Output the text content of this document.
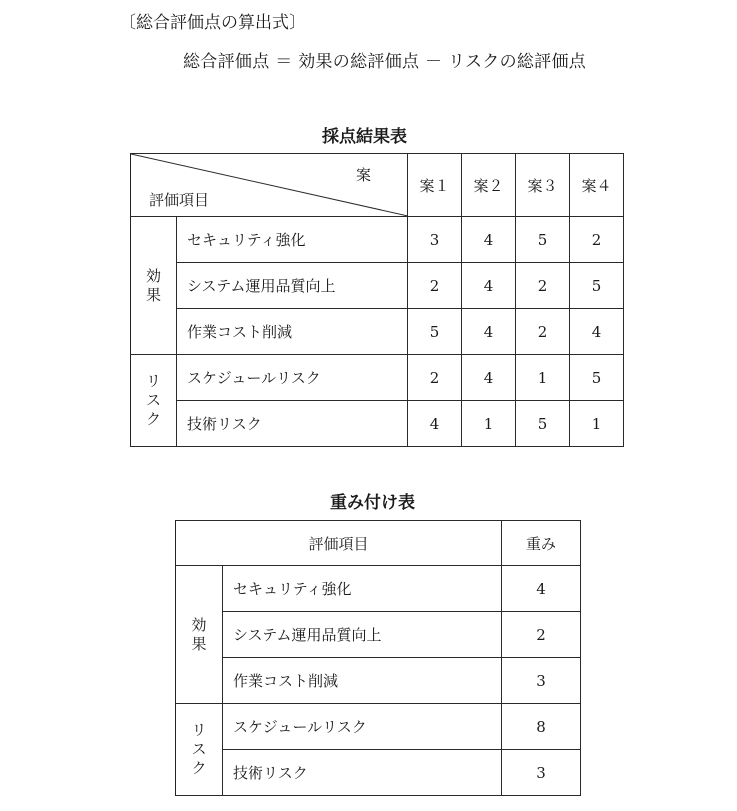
〔総合評価点の算出式〕
総合評価点 ＝ 効果の総評価点 － リスクの総評価点
採点結果表
案
評価項目		案１	案２	案３	案４
効果	セキュリティ強化	3	4	5	2
	システム運用品質向上	2	4	2	5
	作業コスト削減	5	4	2	4
リスク	スケジュールリスク	2	4	1	5
	技術リスク	4	1	5	1
重み付け表
評価項目		重み
効果	セキュリティ強化	4
	システム運用品質向上	2
	作業コスト削減	3
リスク	スケジュールリスク	8
	技術リスク	3
